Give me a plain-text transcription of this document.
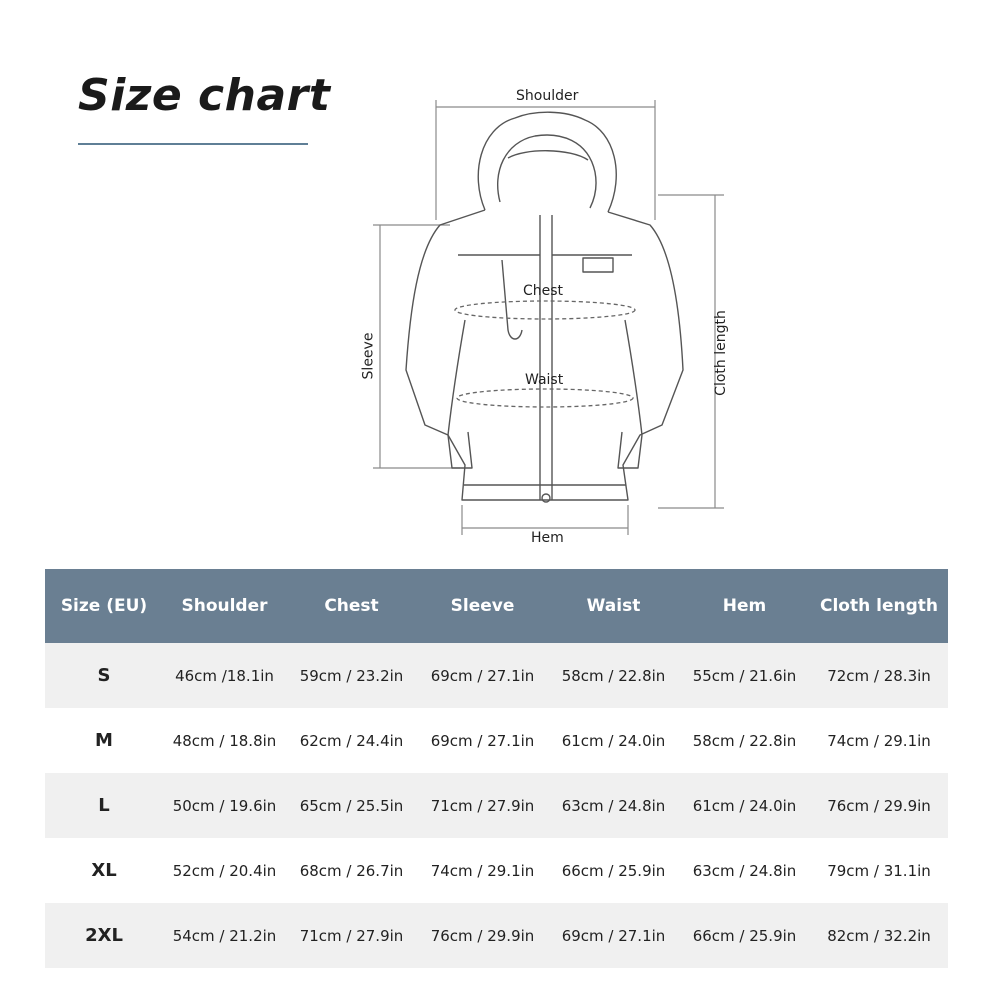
Size chart	Shoulder
Chest
Waist
Sleeve	Cloth length
Hem
Size (EU)	Shoulder	Chest	Sleeve	Waist	Hem	Cloth length
S	46cm /18.1in	59cm / 23.2in	69cm / 27.1in	58cm / 22.8in	55cm / 21.6in	72cm / 28.3in
M	48cm / 18.8in	62cm / 24.4in	69cm / 27.1in	61cm / 24.0in	58cm / 22.8in	74cm / 29.1in
L	50cm / 19.6in	65cm / 25.5in	71cm / 27.9in	63cm / 24.8in	61cm / 24.0in	76cm / 29.9in
XL	52cm / 20.4in	68cm / 26.7in	74cm / 29.1in	66cm / 25.9in	63cm / 24.8in	79cm / 31.1in
2XL	54cm / 21.2in	71cm / 27.9in	76cm / 29.9in	69cm / 27.1in	66cm / 25.9in	82cm / 32.2in
